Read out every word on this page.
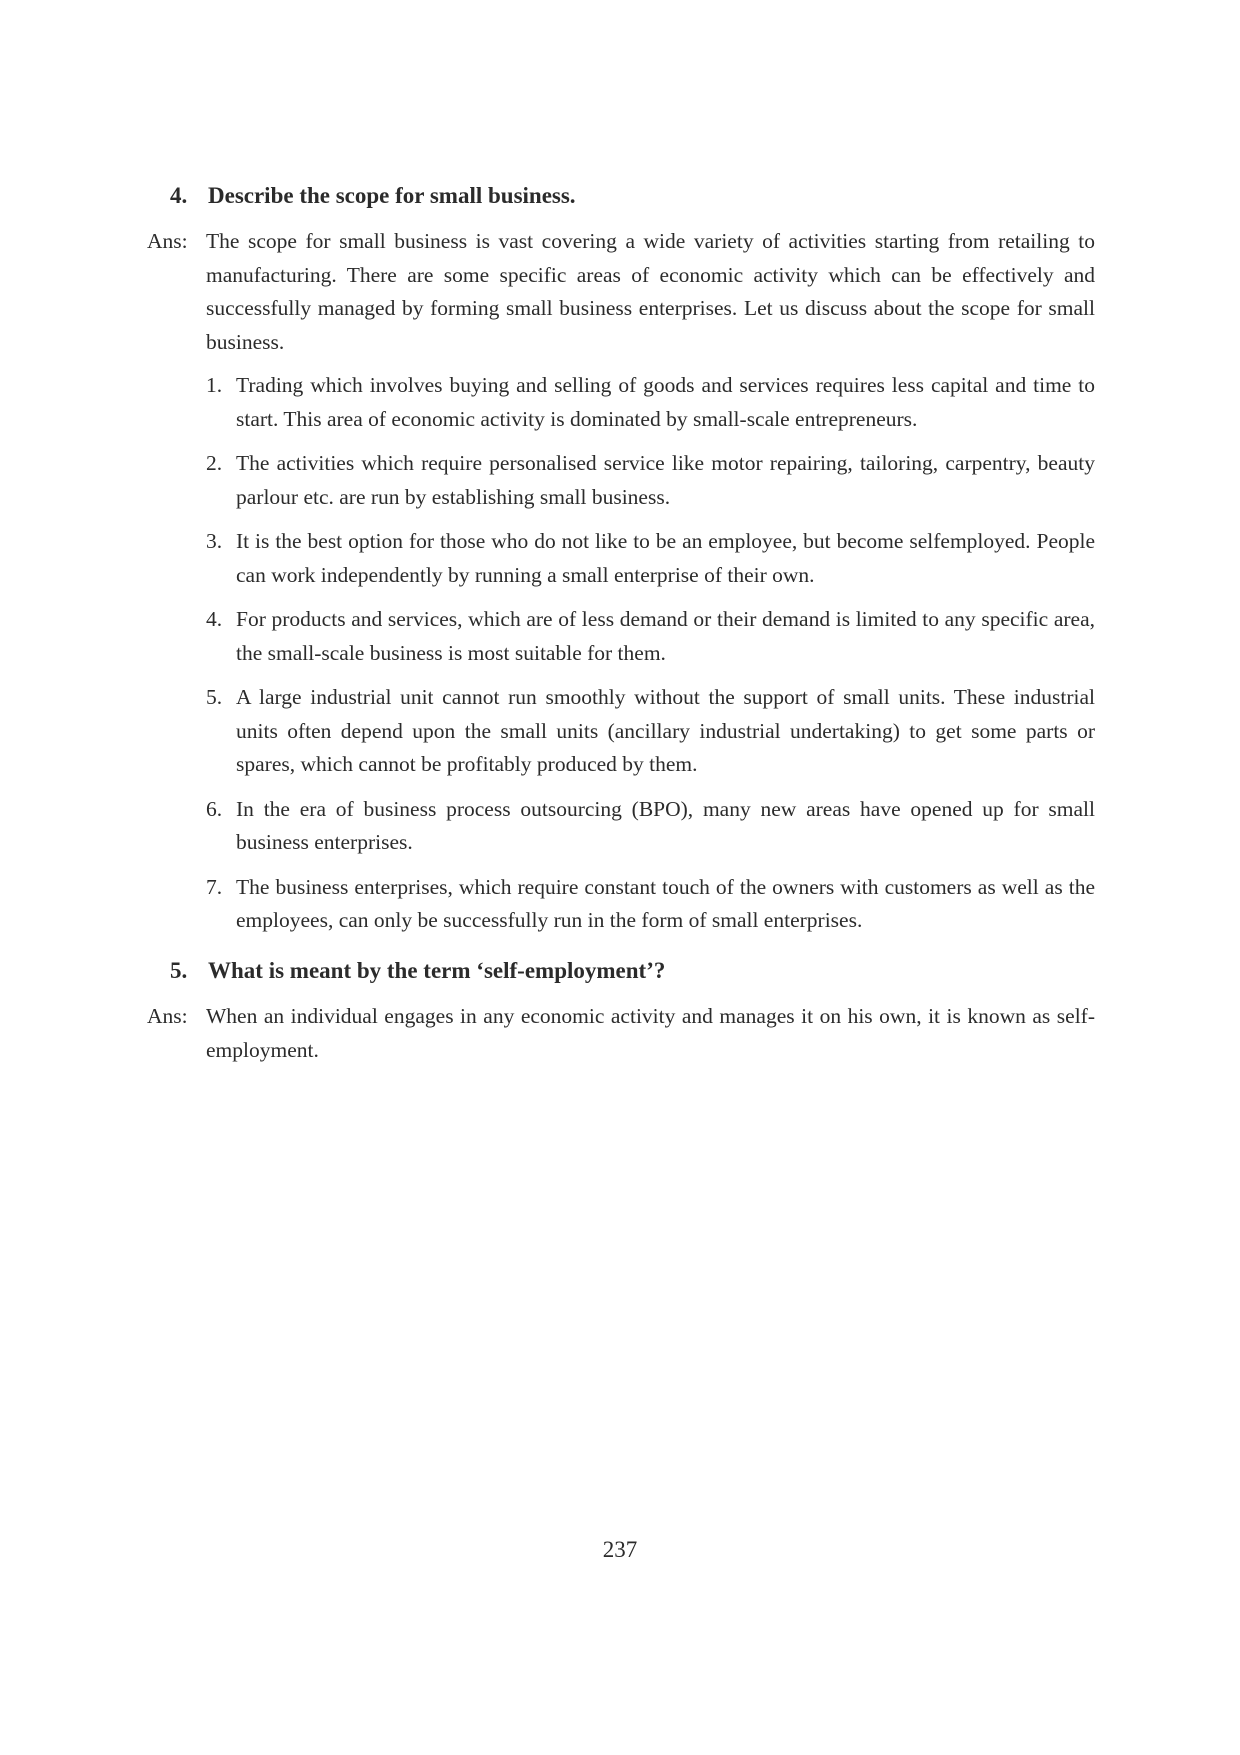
4. Describe the scope for small business.
Ans: The scope for small business is vast covering a wide variety of activities starting from retailing to manufacturing. There are some specific areas of economic activity which can be effectively and successfully managed by forming small business enterprises. Let us discuss about the scope for small business.
1. Trading which involves buying and selling of goods and services requires less capital and time to start. This area of economic activity is dominated by small-scale entrepreneurs.
2. The activities which require personalised service like motor repairing, tailoring, carpentry, beauty parlour etc. are run by establishing small business.
3. It is the best option for those who do not like to be an employee, but become selfemployed. People can work independently by running a small enterprise of their own.
4. For products and services, which are of less demand or their demand is limited to any specific area, the small-scale business is most suitable for them.
5. A large industrial unit cannot run smoothly without the support of small units. These industrial units often depend upon the small units (ancillary industrial undertaking) to get some parts or spares, which cannot be profitably produced by them.
6. In the era of business process outsourcing (BPO), many new areas have opened up for small business enterprises.
7. The business enterprises, which require constant touch of the owners with customers as well as the employees, can only be successfully run in the form of small enterprises.
5. What is meant by the term ‘self-employment’?
Ans: When an individual engages in any economic activity and manages it on his own, it is known as self-employment.
237
